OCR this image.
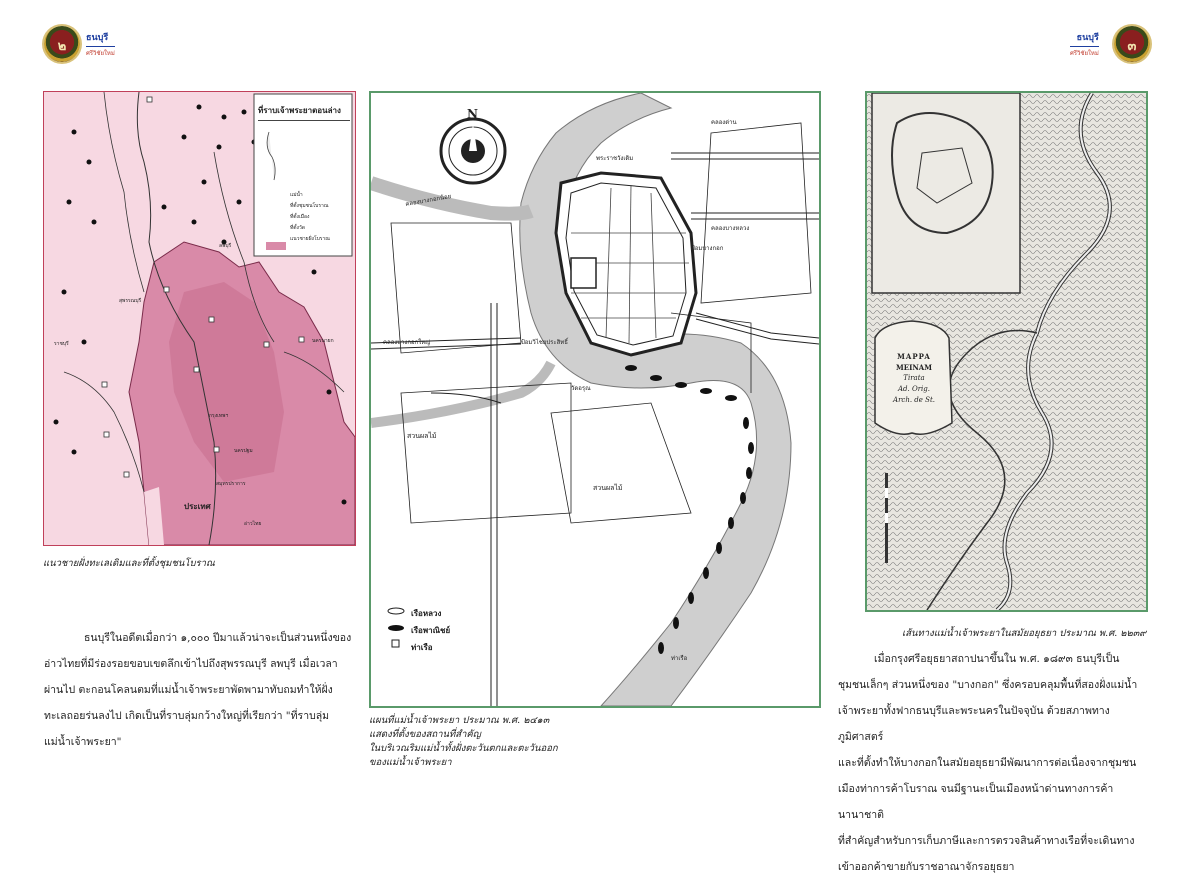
๒
ธนบุรี
ศรีวิชัยใหม่
ธนบุรี
ศรีวิชัยใหม่	๓
ที่ราบเจ้าพระยาตอนล่าง
แม่น้ำ
ที่ตั้งชุมชนโบราณ
ที่ตั้งเมือง
ที่ตั้งวัด
แนวชายฝั่งโบราณ
ลพบุรี
สุพรรณบุรี
นครปฐม
ประเทศ
นครนายก
ราชบุรี
กรุงเทพฯ
สมุทรปราการ
อ่าวไทย
แนวชายฝั่งทะเลเดิมและที่ตั้งชุมชนโบราณ
N
คลองบางกอกน้อย
พระราชวังเดิม
ป้อมวิไชยประสิทธิ์
วัดอรุณ
คลองบางกอกใหญ่
ป้อมบางกอก
สวนผลไม้
สวนผลไม้
คลองบางหลวง
คลองด่าน
ท่าเรือ
เรือหลวง
เรือพาณิชย์
ท่าเรือ
แผนที่แม่น้ำเจ้าพระยา ประมาณ พ.ศ. ๒๔๑๓
แสดงที่ตั้งของสถานที่สำคัญ
ในบริเวณริมแม่น้ำทั้งฝั่งตะวันตกและตะวันออก
ของแม่น้ำเจ้าพระยา
MAPPA
MEINAM
Tirata
Ad. Orig.
Arch. de St.
เส้นทางแม่น้ำเจ้าพระยาในสมัยอยุธยา ประมาณ พ.ศ. ๒๒๓๙

ธนบุรีในอดีตเมื่อกว่า ๑,๐๐๐ ปีมาแล้วน่าจะเป็นส่วนหนึ่งของ

อ่าวไทยที่มีร่องรอยขอบเขตลึกเข้าไปถึงสุพรรณบุรี ลพบุรี เมื่อเวลา

ผ่านไป ตะกอนโคลนตมที่แม่น้ำเจ้าพระยาพัดพามาทับถมทำให้ฝั่ง

ทะเลถอยร่นลงไป เกิดเป็นที่ราบลุ่มกว้างใหญ่ที่เรียกว่า "ที่ราบลุ่ม

แม่น้ำเจ้าพระยา"

เมื่อกรุงศรีอยุธยาสถาปนาขึ้นใน พ.ศ. ๑๘๙๓ ธนบุรีเป็น

ชุมชนเล็กๆ ส่วนหนึ่งของ "บางกอก" ซึ่งครอบคลุมพื้นที่สองฝั่งแม่น้ำ

เจ้าพระยาทั้งฟากธนบุรีและพระนครในปัจจุบัน ด้วยสภาพทางภูมิศาสตร์

และที่ตั้งทำให้บางกอกในสมัยอยุธยามีพัฒนาการต่อเนื่องจากชุมชน

เมืองท่าการค้าโบราณ จนมีฐานะเป็นเมืองหน้าด่านทางการค้านานาชาติ

ที่สำคัญสำหรับการเก็บภาษีและการตรวจสินค้าทางเรือที่จะเดินทาง

เข้าออกค้าขายกับราชอาณาจักรอยุธยา
